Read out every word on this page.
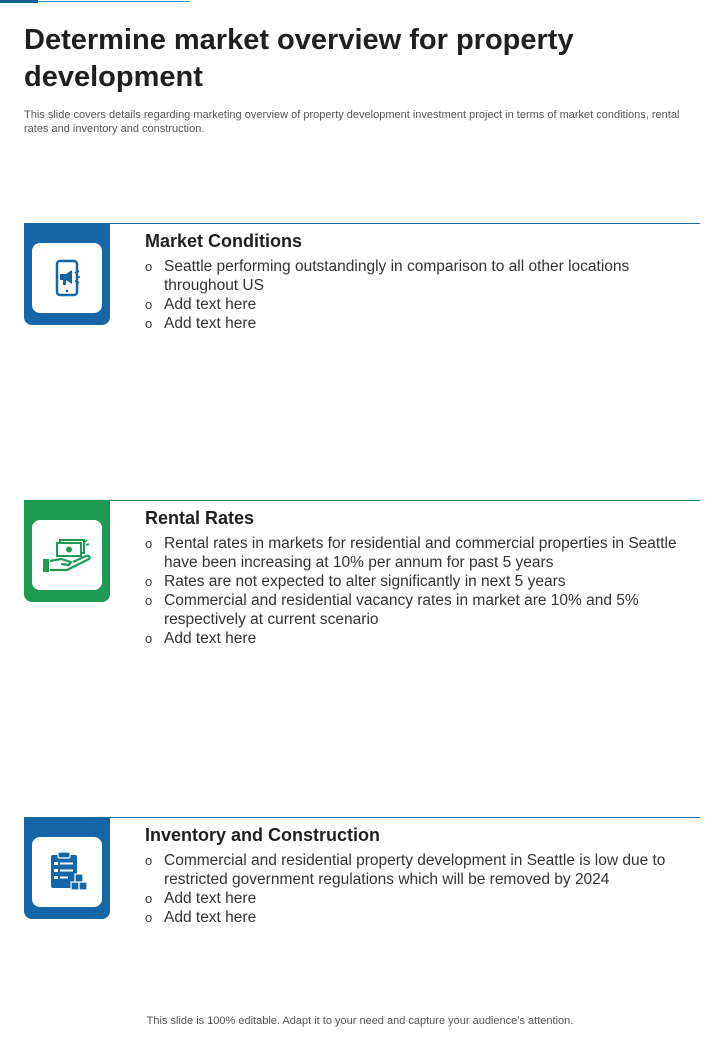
Determine market overview for property development

This slide covers details regarding marketing overview of property development investment project in terms of market conditions, rental rates and inventory and construction.

Market Conditions
o Seattle performing outstandingly in comparison to all other locations throughout US
o Add text here
o Add text here
Rental Rates
o Rental rates in markets for residential and commercial properties in Seattle have been increasing at 10% per annum for past 5 years
o Rates are not expected to alter significantly in next 5 years
o Commercial and residential vacancy rates in market are 10% and 5% respectively at current scenario
o Add text here
Inventory and Construction
o Commercial and residential property development in Seattle is low due to restricted government regulations which will be removed by 2024
o Add text here
o Add text here
This slide is 100% editable. Adapt it to your need and capture your audience’s attention.
